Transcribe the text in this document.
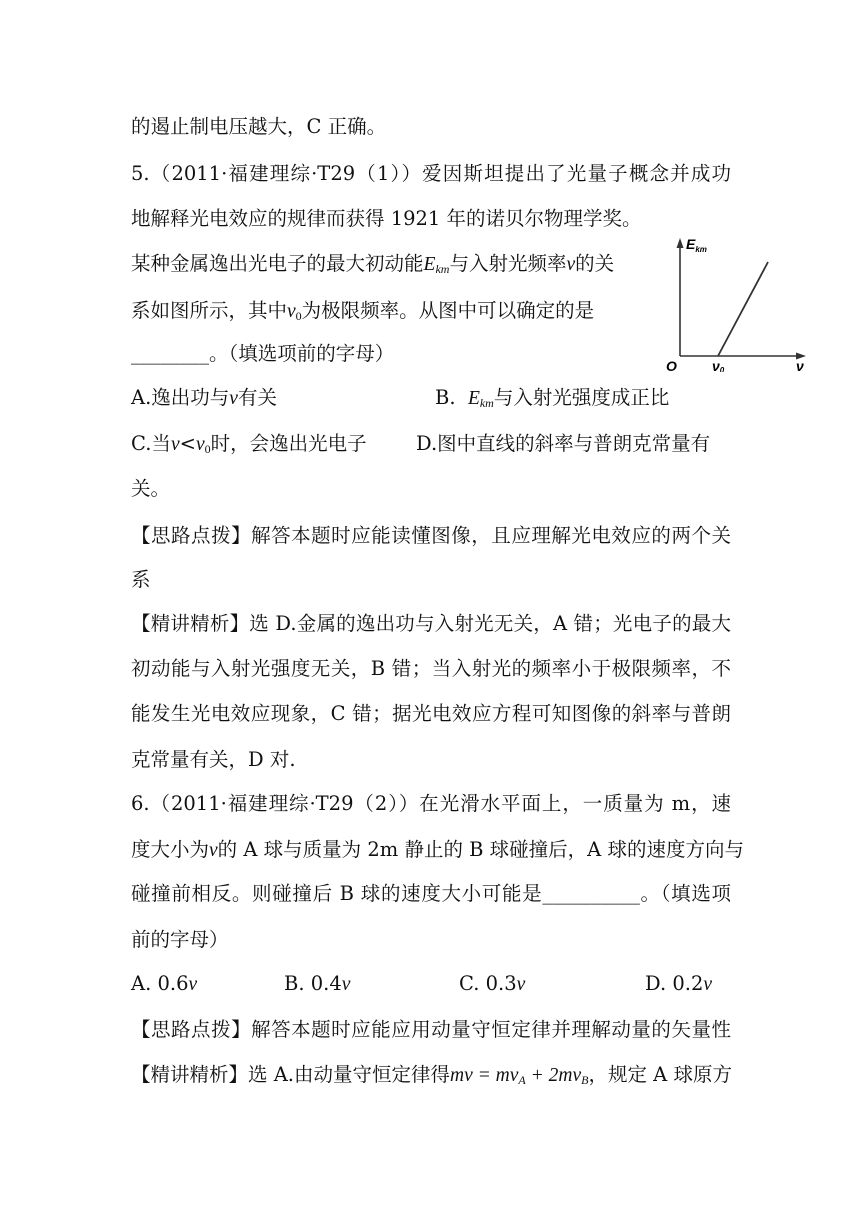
的遏止制电压越大，C 正确。
5.（2011·福建理综·T29（1））爱因斯坦提出了光量子概念并成功
地解释光电效应的规律而获得 1921 年的诺贝尔物理学奖。
某种金属逸出光电子的最大初动能$E_{km}$与入射光频率ν的关
系如图所示，其中$\nu_0$为极限频率。从图中可以确定的是
________。（填选项前的字母）
A.逸出功与ν有关	B. $E_{km}$与入射光强度成正比
C.当$\nu<\nu_0$时，会逸出光电子	D.图中直线的斜率与普朗克常量有
关。
【思路点拨】解答本题时应能读懂图像，且应理解光电效应的两个关
系
【精讲精析】选 D.金属的逸出功与入射光无关，A 错；光电子的最大
初动能与入射光强度无关，B 错；当入射光的频率小于极限频率，不
能发生光电效应现象，C 错；据光电效应方程可知图像的斜率与普朗
克常量有关，D 对.
6.（2011·福建理综·T29（2））在光滑水平面上，一质量为 m，速
度大小为v的 A 球与质量为 2m 静止的 B 球碰撞后，A 球的速度方向与
碰撞前相反。则碰撞后 B 球的速度大小可能是__________。（填选项
前的字母）
A. 0.6v	B. 0.4v	C. 0.3v	D. 0.2v
【思路点拨】解答本题时应能应用动量守恒定律并理解动量的矢量性
【精讲精析】选 A.由动量守恒定律得mv = $mv_A + 2mv_B$，规定 A 球原方
$E_{km}$
O	ν0	ν
